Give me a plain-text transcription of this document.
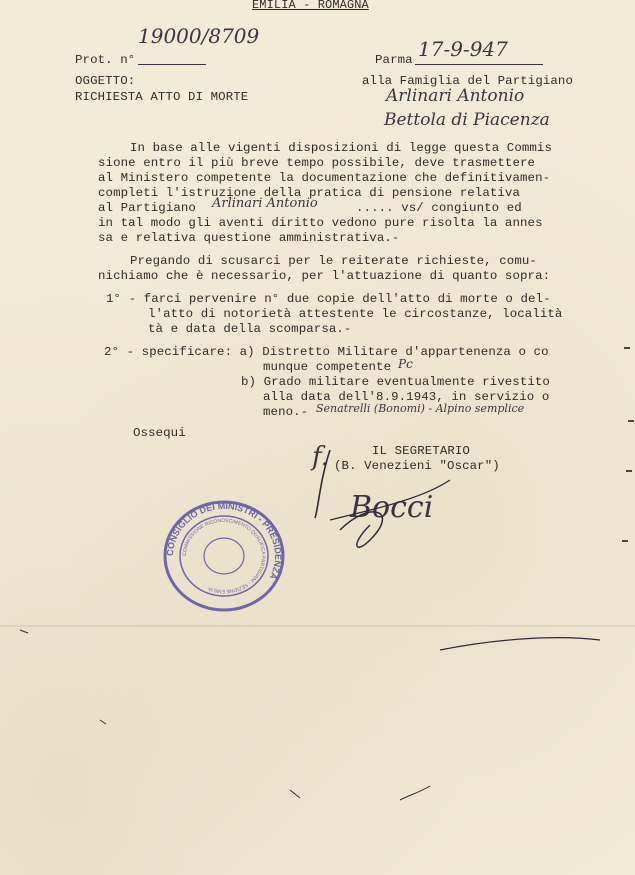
EMILIA - ROMAGNA
Prot. n°
19000/8709
Parma 17-9-947
OGGETTO:
RICHIESTA ATTO DI MORTE
alla Famiglia del Partigiano
Arlinari Antonio
Bettola di Piacenza
In base alle vigenti disposizioni di legge questa Commis
sione entro il più breve tempo possibile, deve trasmettere
al Ministero competente la documentazione che definitivamen-
completi l'istruzione della pratica di pensione relativa
al Partigiano Arlinari Antonio	..... vs/ congiunto ed
in tal modo gli aventi diritto vedono pure risolta la annes
sa e relativa questione amministrativa.-
Pregando di scusarci per le reiterate richieste, comu-
nichiamo che è necessario, per l'attuazione di quanto sopra:
1° - farci pervenire n° due copie dell'atto di morte o del-
l'atto di notorietà attestente le circostanze, località
tà e data della scomparsa.-
2° - specificare: a) Distretto Militare d'appartenenza o co
munque competente Pc
b) Grado militare eventualmente rivestito
alla data dell'8.9.1943, in servizio o
meno.- Senatrelli (Bonomi) - Alpino semplice
Ossequi
IL SEGRETARIO
f. (B. Venezieni "Oscar")
Bocci
CONSIGLIO DEI MINISTRI - PRESIDENZA
COMMISSIONE RICONOSCIMENTO QUALIFICA PARTIGIANI - SEZIONE EMILIA
